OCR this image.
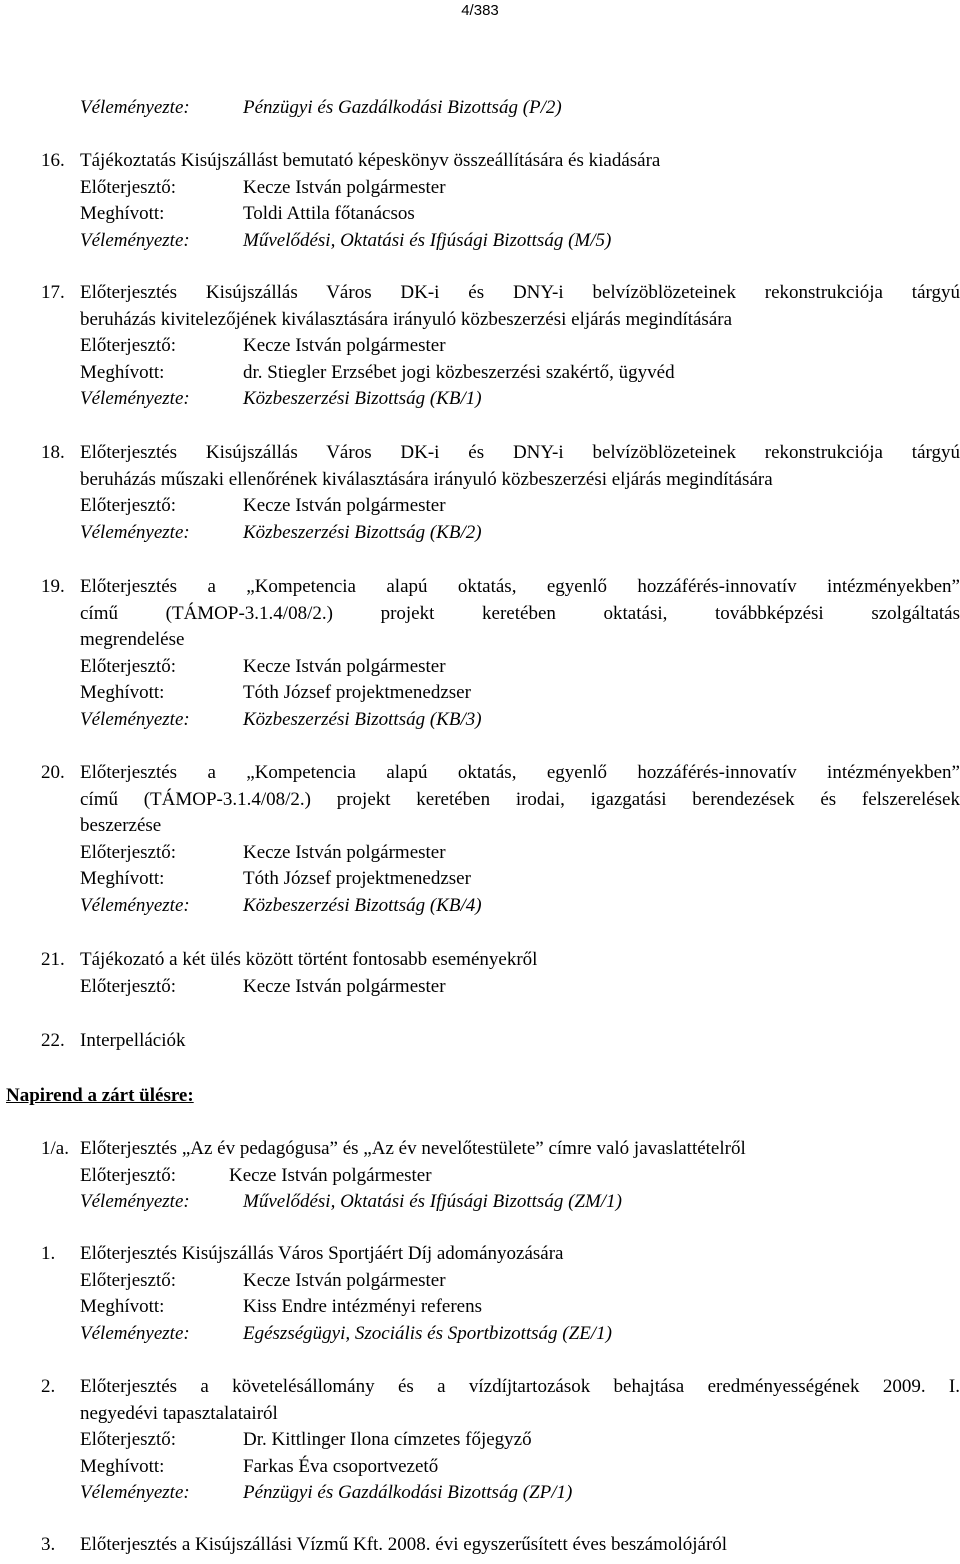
4/383
Véleményezte:	Pénzügyi és Gazdálkodási Bizottság (P/2)
16. Tájékoztatás Kisújszállást bemutató képeskönyv összeállítására és kiadására
Előterjesztő:	Kecze István polgármester
Meghívott:	Toldi Attila főtanácsos
Véleményezte:	Művelődési, Oktatási és Ifjúsági Bizottság (M/5)
17. Előterjesztés Kisújszállás Város DK-i és DNY-i belvízöblözeteinek rekonstrukciója tárgyú
beruházás kivitelezőjének kiválasztására irányuló közbeszerzési eljárás megindítására
Előterjesztő:	Kecze István polgármester
Meghívott:	dr. Stiegler Erzsébet jogi közbeszerzési szakértő, ügyvéd
Véleményezte:	Közbeszerzési Bizottság (KB/1)
18. Előterjesztés Kisújszállás Város DK-i és DNY-i belvízöblözeteinek rekonstrukciója tárgyú
beruházás műszaki ellenőrének kiválasztására irányuló közbeszerzési eljárás megindítására
Előterjesztő:	Kecze István polgármester
Véleményezte:	Közbeszerzési Bizottság (KB/2)
19. Előterjesztés a „Kompetencia alapú oktatás, egyenlő hozzáférés-innovatív intézményekben”
című (TÁMOP-3.1.4/08/2.) projekt keretében oktatási, továbbképzési szolgáltatás
megrendelése
Előterjesztő:	Kecze István polgármester
Meghívott:	Tóth József projektmenedzser
Véleményezte:	Közbeszerzési Bizottság (KB/3)
20. Előterjesztés a „Kompetencia alapú oktatás, egyenlő hozzáférés-innovatív intézményekben”
című (TÁMOP-3.1.4/08/2.) projekt keretében irodai, igazgatási berendezések és felszerelések
beszerzése
Előterjesztő:	Kecze István polgármester
Meghívott:	Tóth József projektmenedzser
Véleményezte:	Közbeszerzési Bizottság (KB/4)
21. Tájékozató a két ülés között történt fontosabb eseményekről
Előterjesztő:	Kecze István polgármester
22. Interpellációk
Napirend a zárt ülésre:
1/a. Előterjesztés „Az év pedagógusa” és „Az év nevelőtestülete” címre való javaslattételről
Előterjesztő:	Kecze István polgármester
Véleményezte:	Művelődési, Oktatási és Ifjúsági Bizottság (ZM/1)
1. Előterjesztés Kisújszállás Város Sportjáért Díj adományozására
Előterjesztő:	Kecze István polgármester
Meghívott:	Kiss Endre intézményi referens
Véleményezte:	Egészségügyi, Szociális és Sportbizottság (ZE/1)
2. Előterjesztés a követelésállomány és a vízdíjtartozások behajtása eredményességének 2009. I.
negyedévi tapasztalatairól
Előterjesztő:	Dr. Kittlinger Ilona címzetes főjegyző
Meghívott:	Farkas Éva csoportvezető
Véleményezte:	Pénzügyi és Gazdálkodási Bizottság (ZP/1)
3. Előterjesztés a Kisújszállási Vízmű Kft. 2008. évi egyszerűsített éves beszámolójáról
